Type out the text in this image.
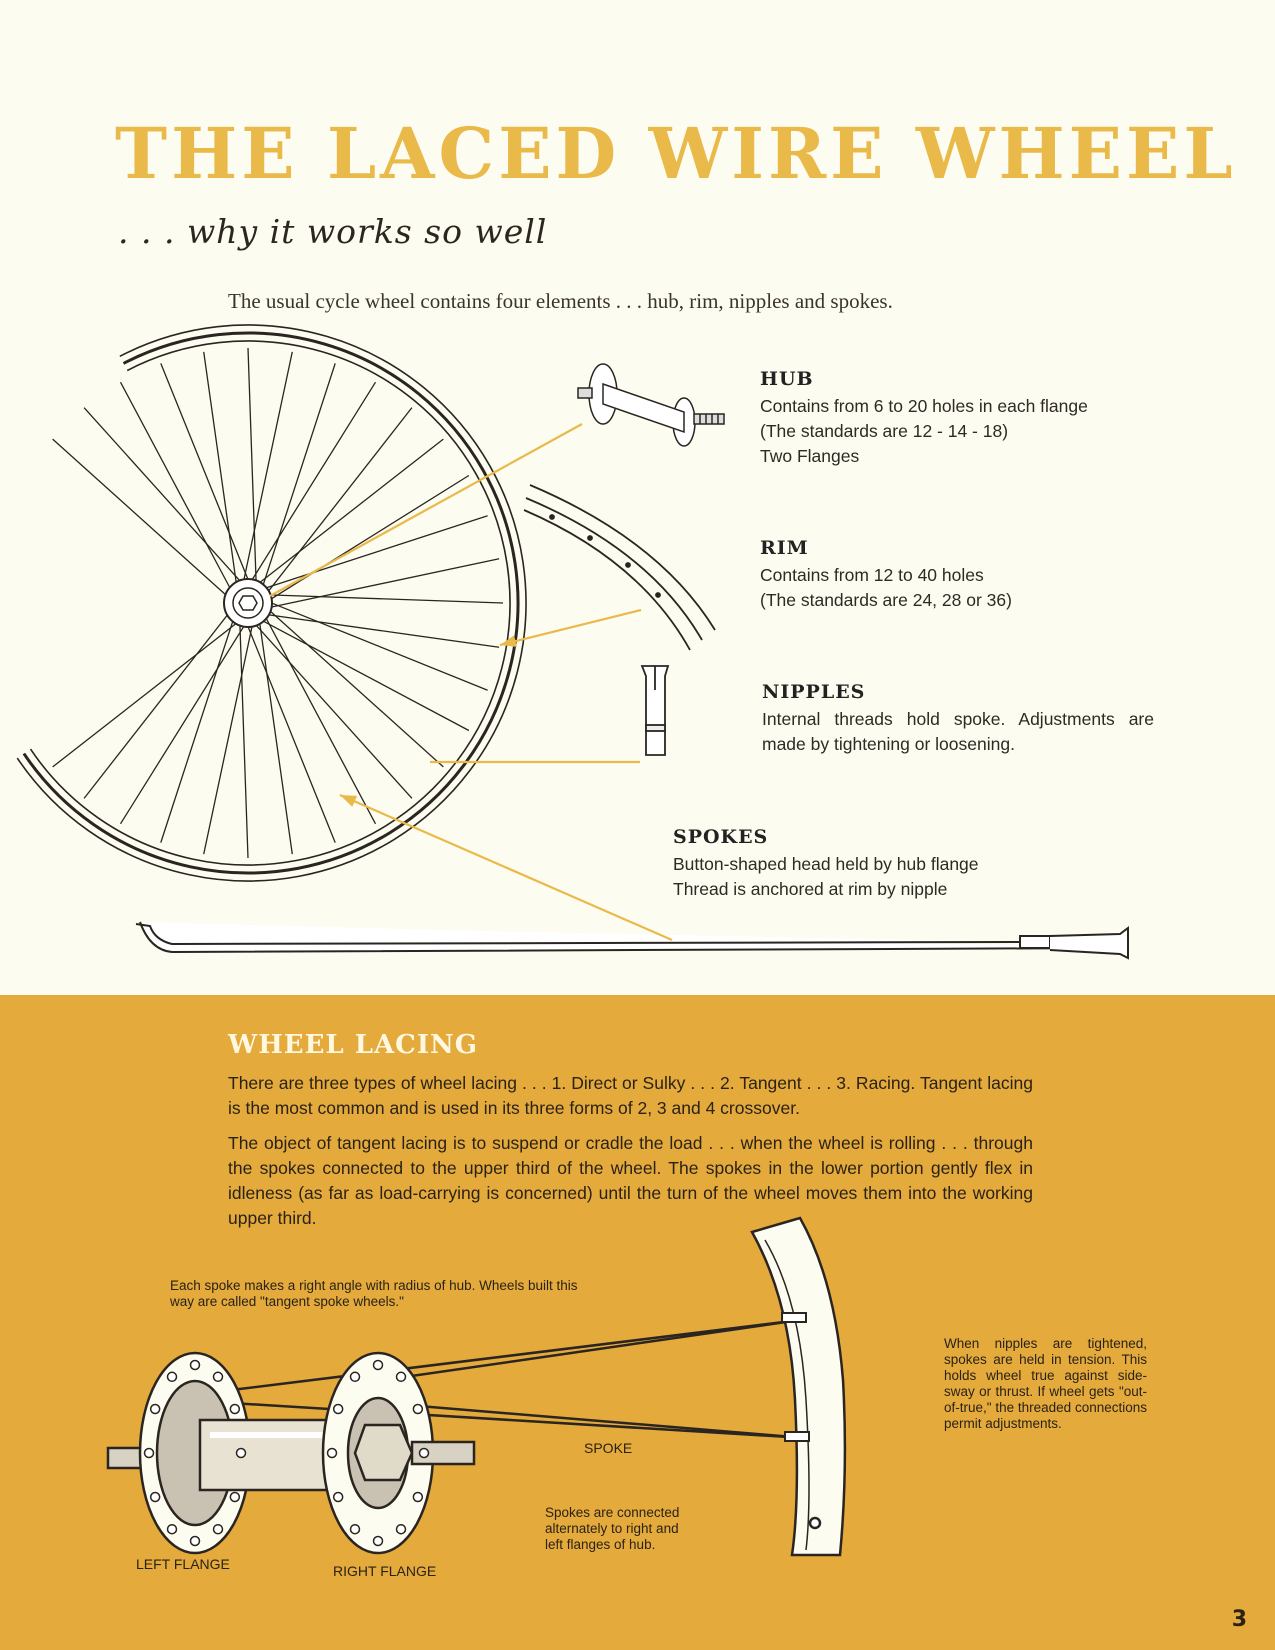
THE LACED WIRE WHEEL
. . . why it works so well
The usual cycle wheel contains four elements . . . hub, rim, nipples and spokes.
HUB
Contains from 6 to 20 holes in each flange
(The standards are 12 - 14 - 18)
Two Flanges
RIM
Contains from 12 to 40 holes
(The standards are 24, 28 or 36)
NIPPLES
Internal threads hold spoke. Adjustments are
made by tightening or loosening.
SPOKES
Button-shaped head held by hub flange
Thread is anchored at rim by nipple
WHEEL LACING
There are three types of wheel lacing . . . 1. Direct or Sulky . . . 2. Tangent . . . 3. Racing. Tangent lacing is the most common and is used in its three forms of 2, 3 and 4 crossover.
The object of tangent lacing is to suspend or cradle the load . . . when the wheel is rolling . . . through the spokes connected to the upper third of the wheel. The spokes in the lower portion gently flex in idleness (as far as load-carrying is concerned) until the turn of the wheel moves them into the working upper third.
Each spoke makes a right angle with radius of hub. Wheels built this way are called "tangent spoke wheels."
When nipples are tightened, spokes are held in tension. This holds wheel true against side-sway or thrust. If wheel gets "out-of-true," the threaded connections permit adjustments.
Spokes are connected alternately to right and left flanges of hub.
SPOKE
LEFT FLANGE	RIGHT FLANGE
3
